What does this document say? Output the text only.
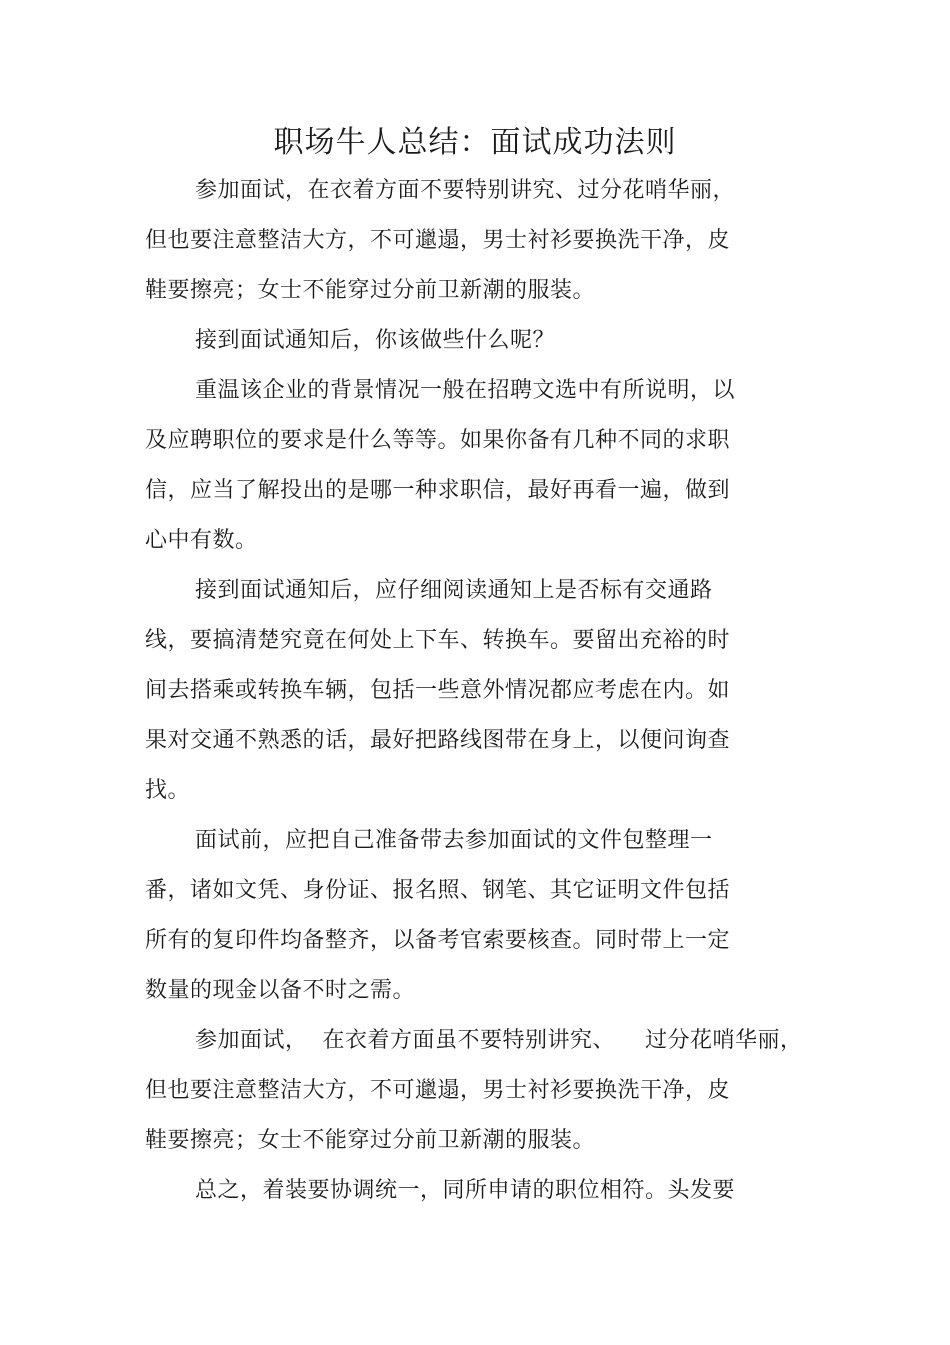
职场牛人总结：面试成功法则
参加面试，在衣着方面不要特别讲究、过分花哨华丽，
但也要注意整洁大方，不可邋遢，男士衬衫要换洗干净，皮
鞋要擦亮；女士不能穿过分前卫新潮的服装。
接到面试通知后，你该做些什么呢？
重温该企业的背景情况一般在招聘文选中有所说明，以
及应聘职位的要求是什么等等。如果你备有几种不同的求职
信，应当了解投出的是哪一种求职信，最好再看一遍，做到
心中有数。
接到面试通知后，应仔细阅读通知上是否标有交通路
线，要搞清楚究竟在何处上下车、转换车。要留出充裕的时
间去搭乘或转换车辆，包括一些意外情况都应考虑在内。如
果对交通不熟悉的话，最好把路线图带在身上，以便问询查
找。
面试前，应把自己准备带去参加面试的文件包整理一
番，诸如文凭、身份证、报名照、钢笔、其它证明文件包括
所有的复印件均备整齐，以备考官索要核查。同时带上一定
数量的现金以备不时之需。
参加面试，  在衣着方面虽不要特别讲究、    过分花哨华丽，
但也要注意整洁大方，不可邋遢，男士衬衫要换洗干净，皮
鞋要擦亮；女士不能穿过分前卫新潮的服装。
总之，着装要协调统一，同所申请的职位相符。头发要
